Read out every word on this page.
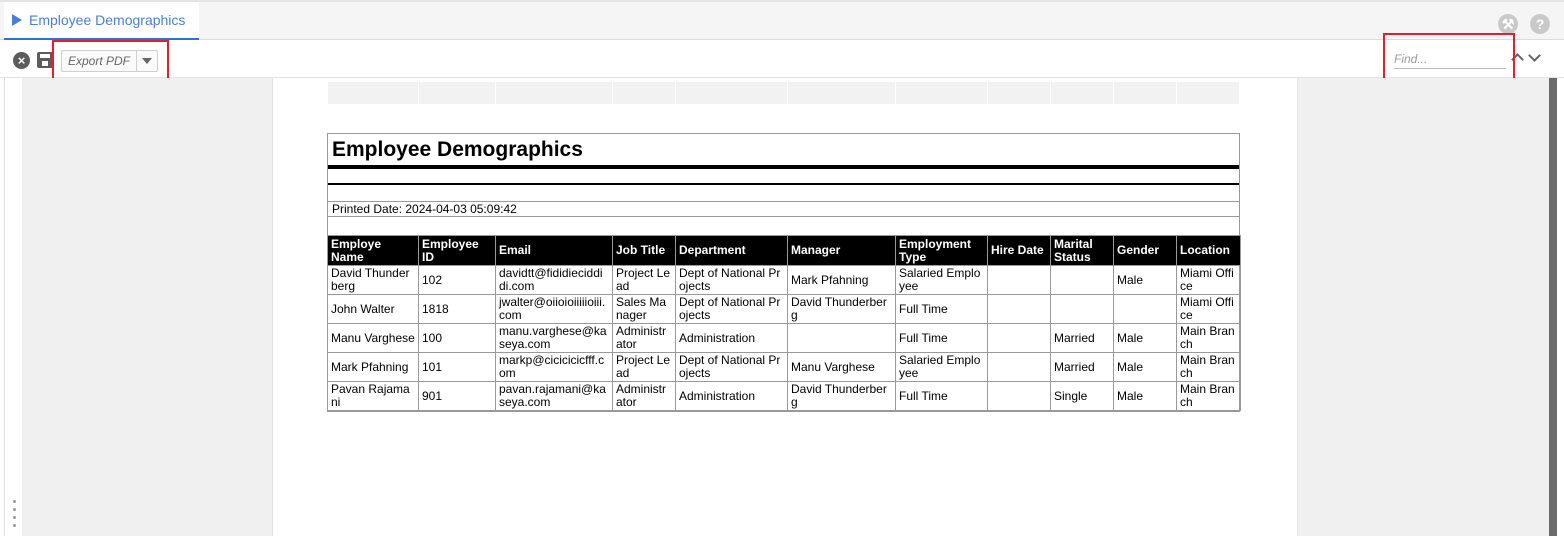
Employee Demographics	⚒	?
×	Export PDF
Find...
Employee Demographics
Printed Date: 2024-04-03 05:09:42
Employe Name	Employee ID	Email	Job Title	Department	Manager	Employment Type	Hire Date	Marital Status	Gender	Location
David Thunderberg	102	davidtt@fididieciddidi.com	Project Lead	Dept of National Projects	Mark Pfahning	Salaried Employee			Male	Miami Office
John Walter	1818	jwalter@oiioioiiiiioiii.com	Sales Manager	Dept of National Projects	David Thunderberg	Full Time				Miami Office
Manu Varghese	100	manu.varghese@kaseya.com	Administrator	Administration		Full Time		Married	Male	Main Branch
Mark Pfahning	101	markp@cicicicicfff.com	Project Lead	Dept of National Projects	Manu Varghese	Salaried Employee		Married	Male	Main Branch
Pavan Rajamani	901	pavan.rajamani@kaseya.com	Administrator	Administration	David Thunderberg	Full Time		Single	Male	Main Branch
